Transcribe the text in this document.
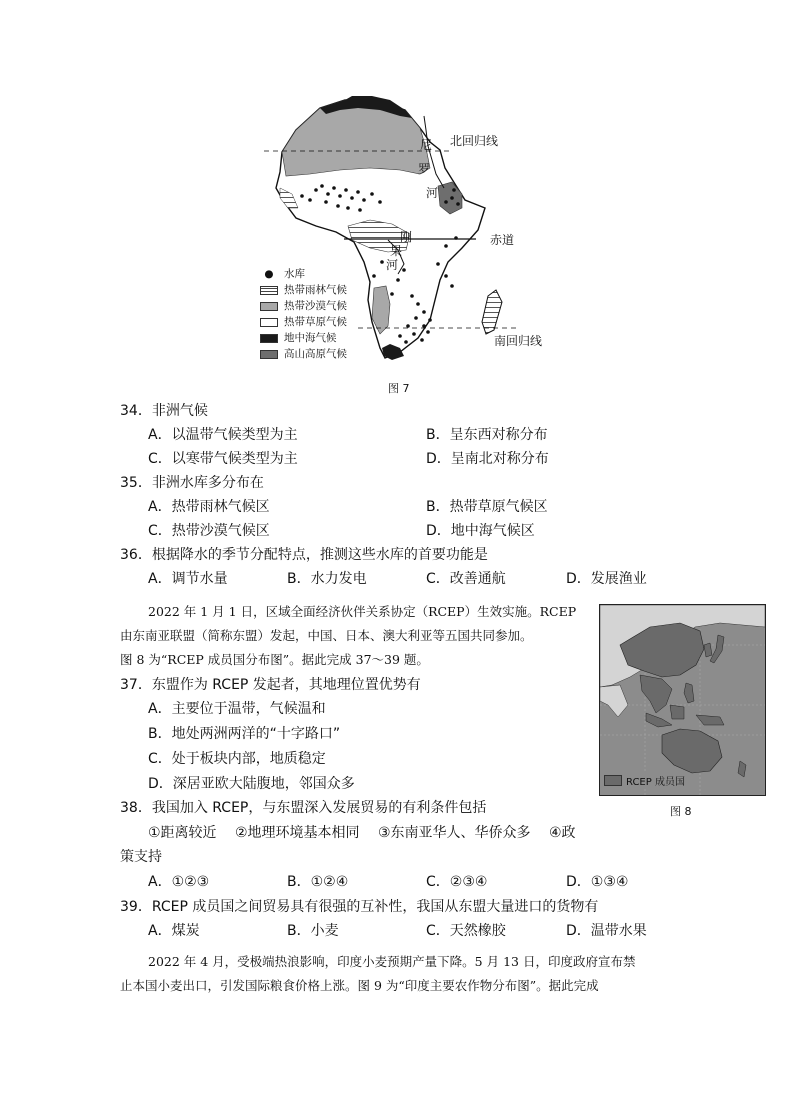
尼
罗
河
北回归线
刚
果
河
赤道
南回归线
● 水库
热带雨林气候
热带沙漠气候
热带草原气候
地中海气候
高山高原气候
图 7
34．非洲气候
A．以温带气候类型为主	B．呈东西对称分布
C．以寒带气候类型为主	D．呈南北对称分布
35．非洲水库多分布在
A．热带雨林气候区	B．热带草原气候区
C．热带沙漠气候区	D．地中海气候区
36．根据降水的季节分配特点，推测这些水库的首要功能是
A．调节水量	B．水力发电	C．改善通航	D．发展渔业
2022 年 1 月 1 日，区域全面经济伙伴关系协定（RCEP）生效实施。RCEP
由东南亚联盟（简称东盟）发起，中国、日本、澳大利亚等五国共同参加。
图 8 为“RCEP 成员国分布图”。据此完成 37～39 题。
RCEP 成员国
图 8
37．东盟作为 RCEP 发起者，其地理位置优势有
A．主要位于温带，气候温和
B．地处两洲两洋的“十字路口”
C．处于板块内部，地质稳定
D．深居亚欧大陆腹地，邻国众多
38．我国加入 RCEP，与东盟深入发展贸易的有利条件包括
①距离较近　 ②地理环境基本相同　 ③东南亚华人、华侨众多　 ④政
策支持
A．①②③	B．①②④	C．②③④	D．①③④
39．RCEP 成员国之间贸易具有很强的互补性，我国从东盟大量进口的货物有
A．煤炭	B．小麦	C．天然橡胶	D．温带水果
2022 年 4 月，受极端热浪影响，印度小麦预期产量下降。5 月 13 日，印度政府宣布禁
止本国小麦出口，引发国际粮食价格上涨。图 9 为“印度主要农作物分布图”。据此完成
